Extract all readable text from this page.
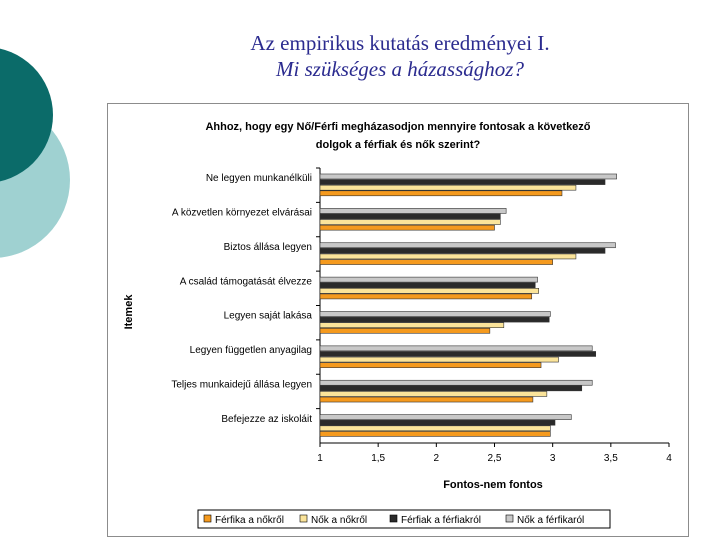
Az empirikus kutatás eredményei I.
Mi szükséges a házassághoz?
Ahhoz, hogy egy Nő/Férfi megházasodjon mennyire fontosak a következő
dolgok a férfiak és nők szerint?
1	1,5	2	2,5	3	3,5	4
Ne legyen munkanélküli
A közvetlen környezet elvárásai
Biztos állása legyen
A család támogatását élvezze
Legyen saját lakása
Legyen független anyagilag
Teljes munkaidejű állása legyen
Befejezze az iskoláit
Fontos-nem fontos
Itemek
Férfika a nőkről	Nők a nőkről	Férfiak a férfiakról	Nők a férfikaról
